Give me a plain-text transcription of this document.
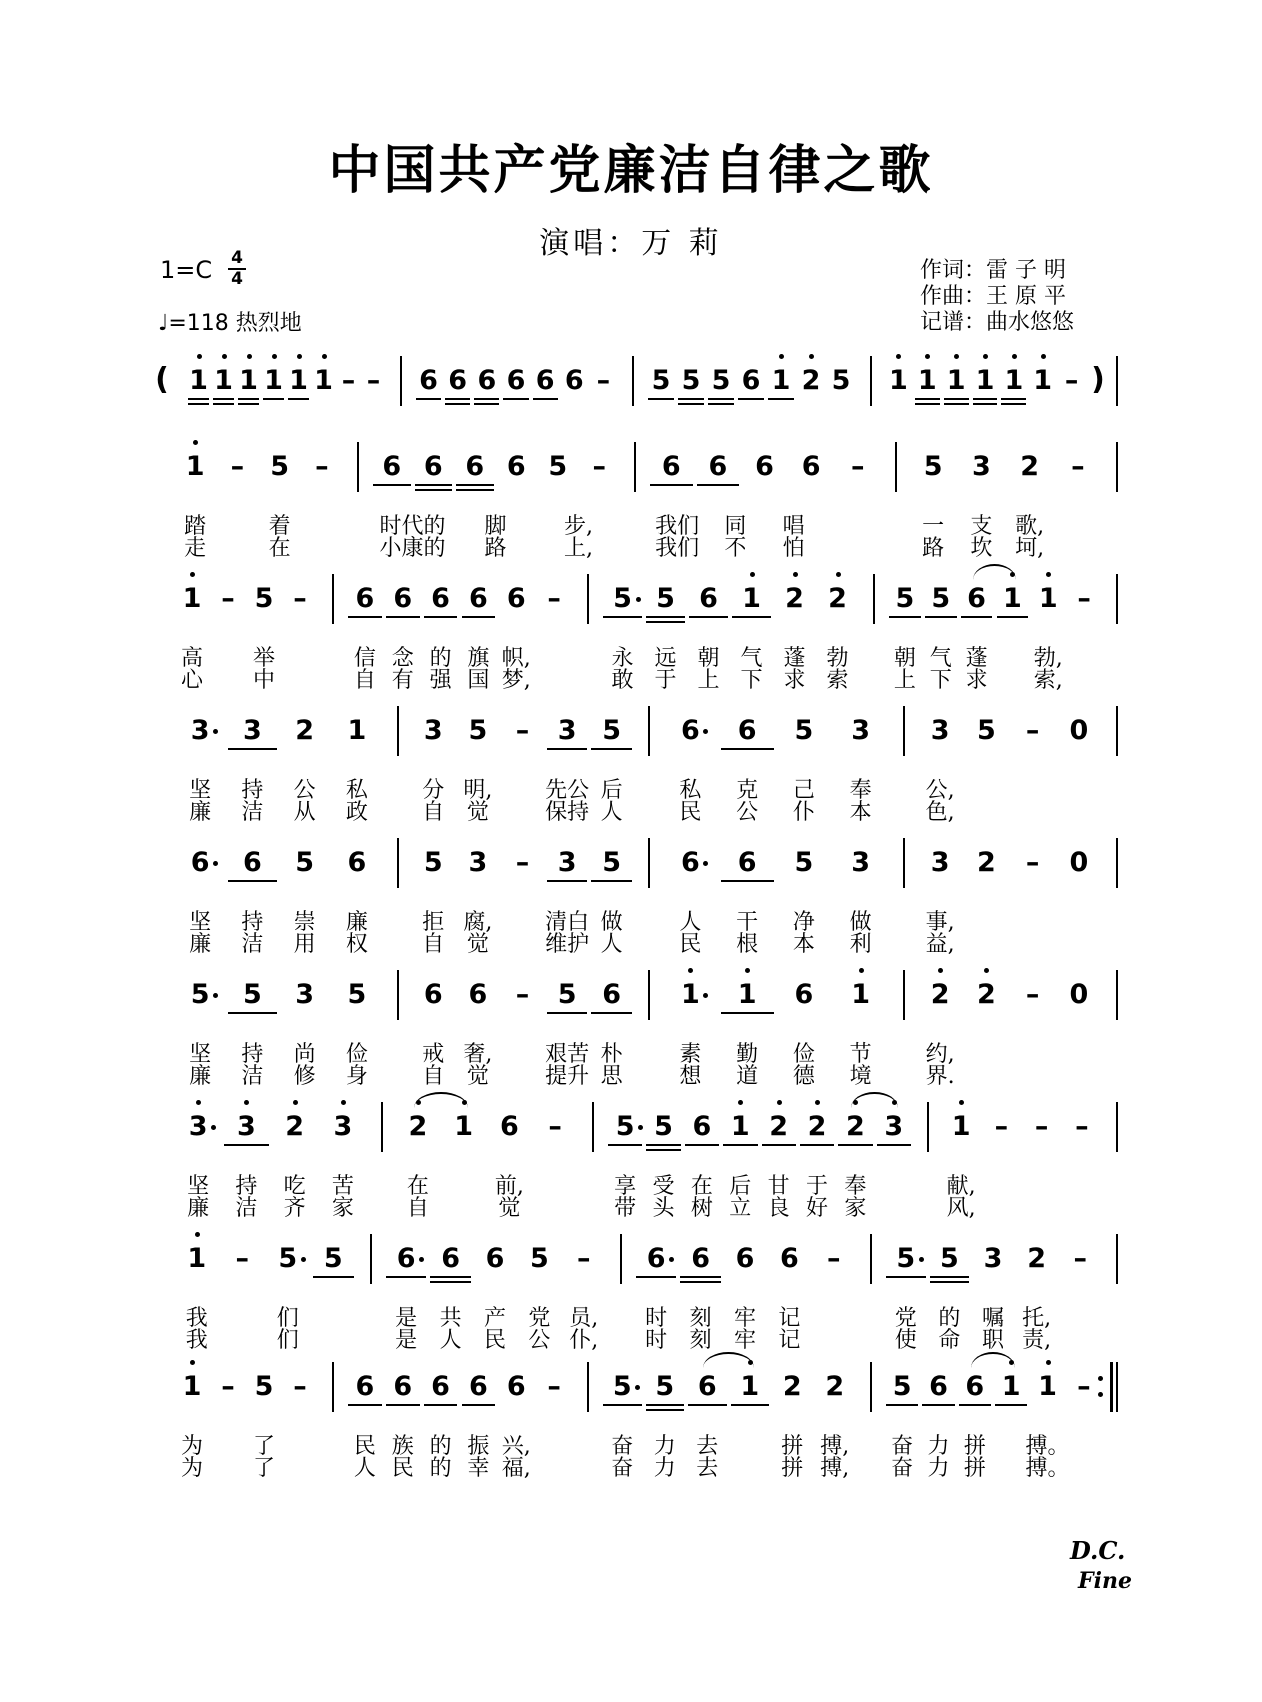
中国共产党廉洁自律之歌
演唱：万 莉
1=C 4
4
♩=118 热烈地
作词：雷 子 明
作曲：王 原 平
记谱：曲水悠悠
( 1 1 1 1 1 1 – – 6 6 6 6 6 6 – 5 5 5 6 1 2 5 1 1 1 1 1 1 – )
1 – 5 – 6 6 6 6 5 – 6 6 6 6 – 5 3 2 –
踏	着	时代的 脚	步,	我们 同 唱	一 支	歌,
走	在	小康的 路	上,	我们 不 怕	路 坎	坷,
1 – 5 – 6 6 6 6 6 – 5 5 6 1 2 2 5 5 6 1 1 –
高 举	信 念 的 旗 帜,	永 远 朝 气 蓬 勃 朝 气 蓬	勃,
心 中	自 有 强 国 梦,	敢 于 上 下 求 索 上 下 求	索,
3 3 2 1 3 5 – 3 5 6 6 5 3 3 5 – 0
坚 持 公 私 分 明,	先公 后	私 克 己 奉	公,
廉 洁 从 政 自 觉	保持 人	民 公 仆 本	色,
6 6 5 6 5 3 – 3 5 6 6 5 3 3 2 – 0
坚 持 崇 廉 拒 腐,	清白 做	人 干 净 做	事,
廉 洁 用 权 自 觉	维护 人	民 根 本 利	益,
5 5 3 5 6 6 – 5 6 1 1 6 1 2 2 – 0
坚 持 尚 俭 戒 奢,	艰苦 朴	素 勤 俭 节	约,
廉 洁 修 身 自 觉	提升 思	想 道 德 境	界.
3 3 2 3 2 1 6 – 5 5 6 1 2 2 2 3 1 – – –
坚 持 吃 苦 在	前,	享 受 在 后 甘 于 奉	献,
廉 洁 齐 家 自	觉	带 头 树 立 良 好 家	风,
1 – 5 5 6 6 6 5 – 6 6 6 6 – 5 5 3 2 –
我	们	是 共 产 党 员,	时 刻 牢 记	党 的 嘱 托,
我	们	是 人 民 公 仆,	时 刻 牢 记	使 命 职 责,
1 – 5 – 6 6 6 6 6 – 5 5 6 1 2 2 5 6 6 1 1 –
为 了	民 族 的 振 兴,	奋 力 去	拼 搏,	奋 力 拼 搏。
为 了	人 民 的 幸 福,	奋 力 去	拼 搏,	奋 力 拼 搏。
D.C.
Fine
